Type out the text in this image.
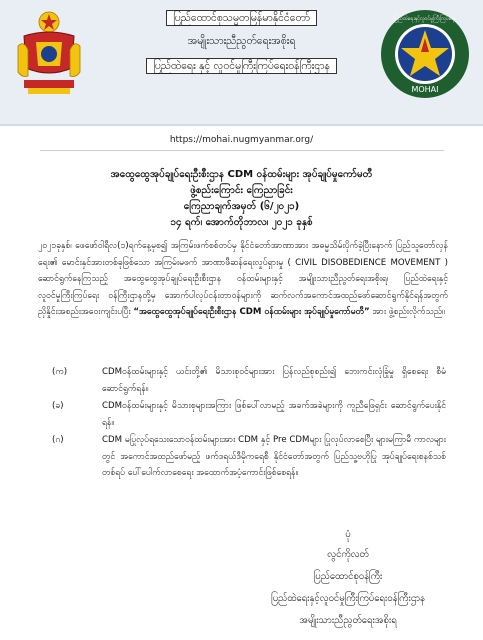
ပြည်ထောင်စုသမ္မတမြန်မာနိုင်ငံတော်
အမျိုးသားညီညွတ်ရေးအစိုးရ
ပြည်ထဲရေး နှင့် လူဝင်မှုကြီးကြပ်ရေးဝန်ကြီးဌာန
MOHAI
ပြည်ထဲရေးနှင့်လူဝင်မှုကြီးကြပ်ရေး
https://mohai.nugmyanmar.org/
အထွေထွေအုပ်ချုပ်ရေးဦးစီးဌာန CDM ဝန်ထမ်းများ အုပ်ချုပ်မှုကော်မတီ
ဖွဲ့စည်းကြောင်း ကြေညာခြင်း
ကြေညာချက်အမှတ် (၆/၂၀၂၁)
၁၄ ရက်၊ အောက်တိုဘာလ၊ ၂၀၂၁ ခုနှစ်
၂၀၂၁ခုနှစ်၊ ဖေဖော်ဝါရီလ(၁)ရက်နေ့မှစ၍ အကြမ်းဖက်စစ်တပ်မှ နိုင်ငံတော်အာဏာအား အဓမ္မသိမ်းပိုက်ခဲ့ပြီးနောက် ပြည်သူတော်လှန်ရေး၏ မောင်းနှင်အားတစ်ခုဖြစ်သော အကြမ်းမဖက် အာဏာဖီဆန်ရေးလှုပ်ရှားမှု ( CIVIL DISOBEDIENCE MOVEMENT ) ဆောင်ရွက်နေကြသည့် အထွေထွေအုပ်ချုပ်ရေးဦးစီးဌာန ဝန်ထမ်းများနှင့် အမျိုးသားညီညွတ်ရေးအစိုးရ၊ ပြည်ထဲရေးနှင့်လူဝင်မှုကြီးကြပ်ရေး ဝန်ကြီးဌာနတို့မှ အောက်ပါလုပ်ငန်းတာဝန်များကို ဆက်လက်အကောင်အထည်ဖော်ဆောင်ရွက်နိုင်ရန်အတွက် ညှိနှိုင်းအစည်းအဝေးကျင်းပပြီး “အထွေထွေအုပ်ချုပ်ရေးဦးစီးဌာန CDM ဝန်ထမ်းများ အုပ်ချုပ်မှုကော်မတီ” အား ဖွဲ့စည်းလိုက်သည်။
(က)	CDMဝန်ထမ်းများနှင့် ယင်းတို့၏ မိသားစုဝင်များအား ပြန်လည်စုစည်း၍ ဘေးကင်းလုံခြုံမှု ရှိစေရေး စီမံဆောင်ရွက်ရန်။
(ခ)	CDMဝန်ထမ်းများနှင့် မိသားစုများအကြား ဖြစ်ပေါ်လာမည့် အခက်အခဲများကို ကူညီဖြေရှင်း ဆောင်ရွက်ပေးနိုင်ရန်။
(ဂ)	CDM မပြုလုပ်ရသေးသောဝန်ထမ်းများအား CDM နှင့် Pre CDMများ ပြုလုပ်လာစေပြီး များမကြာမီ ကာလများတွင် အကောင်အထည်ဖော်မည့် ဖက်ဒရယ်ဒီမိုကရေစီ နိုင်ငံတော်အတွက် ပြည်သူ့ဗဟိုပြု အုပ်ချုပ်ရေးစနစ်သစ်တစ်ရပ် ပေါ်ပေါက်လာစေရေး အထောက်အပံ့ကောင်းဖြစ်စေရန်။
ပုံ
လွင်ကိုလတ်
ပြည်ထောင်စုဝန်ကြီး
ပြည်ထဲရေးနှင့်လူဝင်မှုကြီးကြပ်ရေးဝန်ကြီးဌာန
အမျိုးသားညီညွတ်ရေးအစိုးရ
